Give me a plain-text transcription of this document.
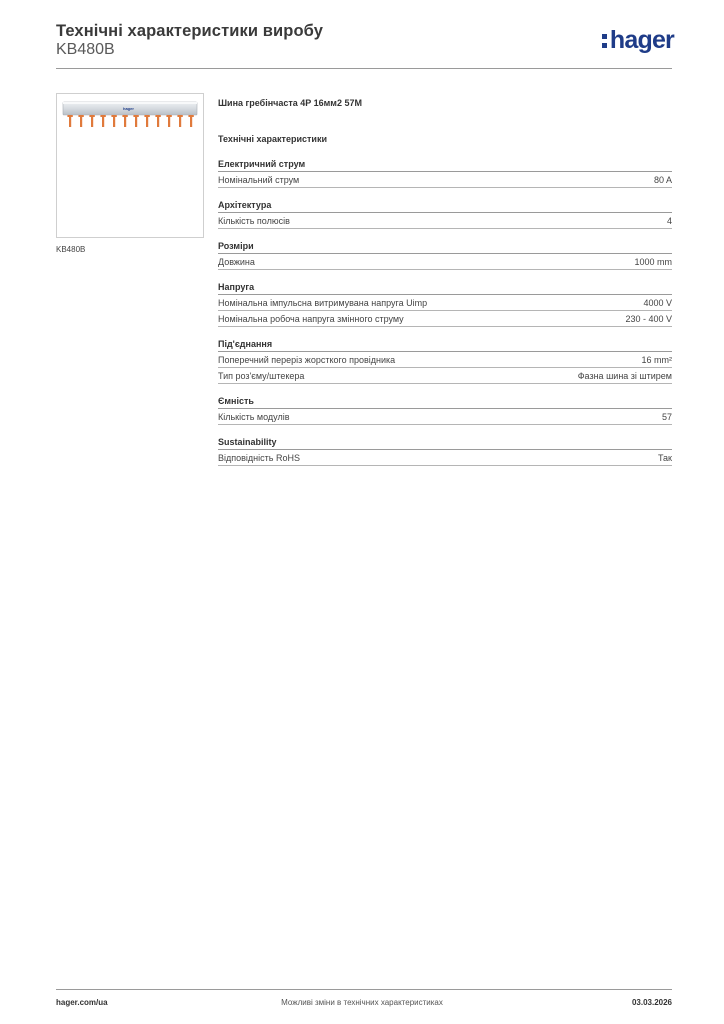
Технічні характеристики виробу
KB480B	hager
hager
KB480B
Шина гребінчаста 4P 16мм2 57М
Технічні характеристики
Електричний струм
Номінальний струм	80 A
Архітектура
Кількість полюсів	4
Розміри
Довжина	1000 mm
Напруга
Номінальна імпульсна витримувана напруга Uimp	4000 V
Номінальна робоча напруга змінного струму	230 - 400 V
Під'єднання
Поперечний переріз жорсткого провідника	16 mm²
Тип роз'єму/штекера	Фазна шина зі штирем
Ємність
Кількість модулів	57
Sustainability
Відповідність RoHS	Так
hager.com/ua	Можливі зміни в технічних характеристиках	03.03.2026
